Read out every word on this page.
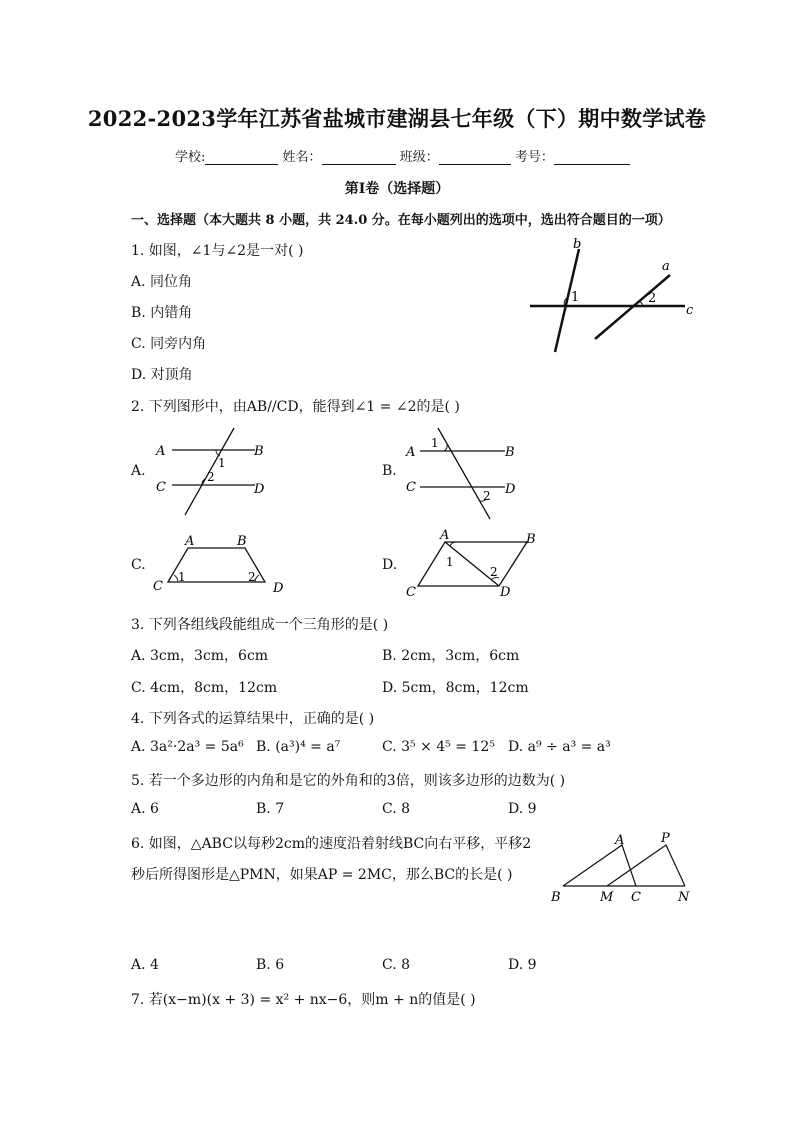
2022-2023学年江苏省盐城市建湖县七年级（下）期中数学试卷
学校:	姓名：	班级：	考号：
第I卷（选择题）
一、选择题（本大题共 8 小题，共 24.0 分。在每小题列出的选项中，选出符合题目的一项）
1. 如图，∠1与∠2是一对( )
A. 同位角
B. 内错角
C. 同旁内角
D. 对顶角
b
a
c
1	2
2. 下列图形中，由AB//CD，能得到∠1 = ∠2的是( )
A.
A	B
C	D
1
2	B.
A	B
C	D
1
2
C.
A	B
C	D
1	2
D.
A	B
C	D
1
2
3. 下列各组线段能组成一个三角形的是( )
A. 3cm，3cm，6cm	B. 2cm，3cm，6cm
C. 4cm，8cm，12cm	D. 5cm，8cm，12cm
4. 下列各式的运算结果中，正确的是( )
A. 3a²·2a³ = 5a⁶ B. (a³)⁴ = a⁷	C. 3⁵ × 4⁵ = 12⁵ D. a⁹ ÷ a³ = a³
5. 若一个多边形的内角和是它的外角和的3倍，则该多边形的边数为( )
A. 6	B. 7	C. 8	D. 9
6. 如图，△ABC以每秒2cm的速度沿着射线BC向右平移，平移2
秒后所得图形是△PMN，如果AP = 2MC，那么BC的长是( )
A	P
B	M C	N
A. 4	B. 6	C. 8	D. 9
7. 若(x−m)(x + 3) = x² + nx−6，则m + n的值是( )
